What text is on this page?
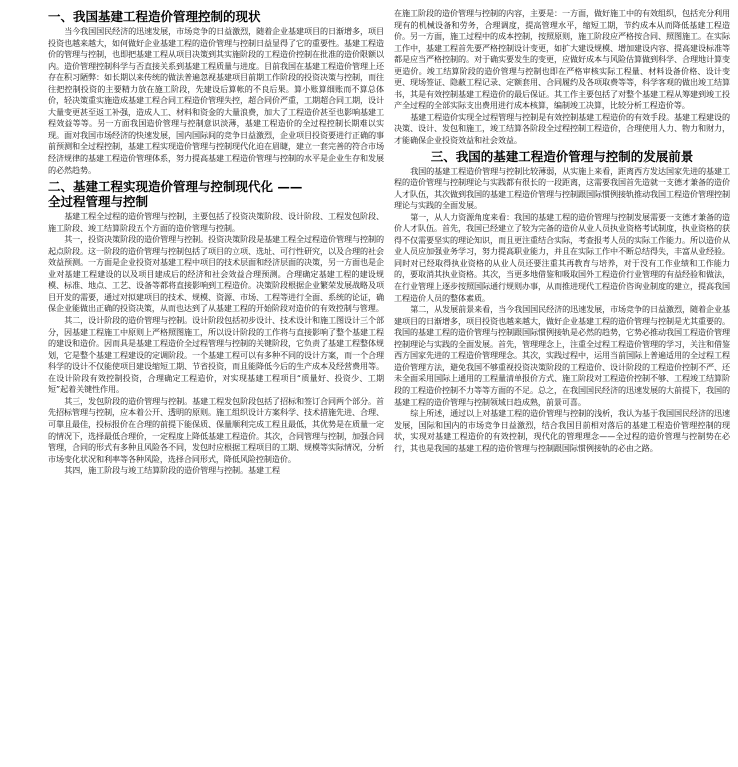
一、我国基建工程造价管理控制的现状

当今我国国民经济的迅速发展，市场竞争的日益激烈，随着企业基建项目的日渐增多，项目投资也越来越大，如何做好企业基建工程的造价管理与控制日益显得了它的重要性。基建工程造价的管理与控制，也即把基建工程从项目决策到其实施阶段的工程造价控制在批准的造价限额以内。造价管理控制科学与否直接关系到基建工程质量与进度。目前我国在基建工程造价管理上还存在积习陋弊：如长期以来传统的做法普遍忽视基建项目前期工作阶段的投资决策与控制，而往往把控制投资的主要精力放在施工阶段，先建设后算帐的不良后果。算小账算细账而不算总体价，轻决策重实施造成基建工程合同工程造价管理失控，超合同价严重，工期超合同工期，设计大量变更甚至返工补强，造成人工、材料和资金的大量浪费，加大了工程造价甚至也影响基建工程效益等等。另一方面我国造价管理与控制意识淡薄，基建工程造价的全过程控制长期难以实现。面对我国市场经济的快速发展，国内国际间的竞争日益激烈，企业项目投资要进行正确的事前预测和全过程控制，基建工程实现造价管理与控制现代化迫在眉睫，建立一套完善的符合市场经济规律的基建工程造价管理体系，努力提高基建工程造价管理与控制的水平是企业生存和发展的必然趋势。

二、基建工程实现造价管理与控制现代化 ——
全过程管理与控制

基建工程全过程的造价管理与控制，主要包括了投资决策阶段、设计阶段、工程发包阶段、施工阶段、竣工结算阶段五个方面的造价管理与控制。

其一，投资决策阶段的造价管理与控制。投资决策阶段是基建工程全过程造价管理与控制的起点阶段。这一阶段的造价管理与控制包括了项目的立项、选址、可行性研究，以及合理的社会效益预测。一方面是企业投资对基建工程中项目的技术层面和经济层面的决策，另一方面也是企业对基建工程建设的以及项目建成后的经济和社会效益合理预测。合理确定基建工程的建设规模、标准、地点、工艺、设备等都将直接影响到工程造价。决策阶段根据企业繁荣发展战略及项目开发的需要，通过对拟建项目的技术、规模、资源、市场、工程等进行全面、系统的论证，确保企业能做出正确的投资决策，从而也达到了从基建工程的开始阶段对造价的有效控制与管理。

其二，设计阶段的造价管理与控制。设计阶段包括初步设计、技术设计和施工图设计三个部分，因基建工程施工中原则上严格照图施工，所以设计阶段的工作将与直接影响了整个基建工程的建设和造价。因而具是基建工程造价全过程管理与控制的关键阶段，它负责了基建工程整体规划，它是整个基建工程建设的定调阶段。一个基建工程可以有多种不同的设计方案，而一个合理科学的设计不仅能使项目建设缩短工期、节省投资，而且能降低今后的生产成本及经营费用等。在设计阶段有效控制投资，合理确定工程造价，对实现基建工程项目“质量好、投资少、工期短”起着关键性作用。

其三，发包阶段的造价管理与控制。基建工程发包阶段包括了招标和签订合同两个部分。首先招标管理与控制，应本着公开、透明的原则。施工组织设计方案科学、技术措施先进、合理、可靠且最佳，投标报价在合理的前提下能保质、保量顺利完成工程且最低，其优势是在质量一定的情况下，选择最低合理价，一定程度上降低基建工程造价。其次，合同管理与控制，加强合同管理，合同的形式有多种且风险各不同，发包时应根据工程项目的工期、规模等实际情况，分析市场变化状况和利率等各种风险，选择合同形式，降低风险控制造价。

其四，施工阶段与竣工结算阶段的造价管理与控制。基建工程

在施工阶段的造价管理与控制的内容，主要是：一方面，做好施工中的有效组织，包括充分利用现有的机械设备和劳务，合理调度，提高管理水平，缩短工期，节约成本从而降低基建工程造价。另一方面，施工过程中的成本控制，按照原则，施工阶段应严格按合同、照图施工。在实际工作中，基建工程首先要严格控制设计变更，如扩大建设规模、增加建设内容、提高建设标准等都是应当严格控制的。对于确实要发生的变更，应做好成本与风险估算做到科学、合理地计算变更造价。竣工结算阶段的造价管理与控制也即在严格审核实际工程量、材料设备价格、设计变更、现场签证、隐蔽工程记录、定额套用、合同履约及各项取费等等，科学客观的做出竣工结算书，其是有效控制基建工程造价的最后保证。其工作主要包括了对整个基建工程从筹建到竣工投产全过程的全部实际支出费用进行成本核算，编制竣工决算，比较分析工程造价等。

基建工程造价实现全过程管理与控制是有效控制基建工程造价的有效手段。基建工程建设的决策、设计、发包和施工，竣工结算各阶段全过程控制工程造价，合理使用人力、物力和财力，才能确保企业投资效益和社会效益。

三、我国的基建工程造价管理与控制的发展前景

我国的基建工程造价管理与控制比较薄弱，从实施上来看，距离西方发达国家先进的基建工程的造价管理与控制理论与实践都有很长的一段距离，这需要我国首先造就一支德才兼备的造价人才队伍，其次做到我国的基建工程造价管理与控制跟国际惯例接轨推动我国工程造价管理控制理论与实践的全面发展。

第一，从人力资源角度来看：我国的基建工程的造价管理与控制发展需要一支德才兼备的造价人才队伍。首先，我国已经建立了较为完备的造价从业人员执业资格考试制度，执业资格的获得不仅需要坚实的理论知识，而且更注重结合实际，考查报考人员的实际工作能力。所以造价从业人员应加强业务学习，努力提高职业能力，并且在实际工作中不断总结得失，丰富从业经验。同时对已经取得执业资格的从业人员还要注重其再教育与培养，对于没有工作业绩和工作能力的，要取消其执业资格。其次，当更多地借鉴和吸取国外工程造价行业管理的有益经验和做法，在行业管理上逐步按照国际通行规则办事，从而推进现代工程造价咨询业制度的建立，提高我国工程造价人员的整体素质。

第二，从发展前景来看，当今我国国民经济的迅速发展，市场竞争的日益激烈，随着企业基建项目的日渐增多，项目投资也越来越大，做好企业基建工程的造价管理与控制是尤其重要的。我国的基建工程的造价管理与控制跟国际惯例接轨是必然的趋势，它势必推动我国工程造价管理控制理论与实践的全面发展。首先，管理理念上，注重全过程工程造价管理的学习，关注和借鉴西方国家先进的工程造价管理理念。其次，实践过程中，运用当前国际上普遍适用的全过程工程造价管理方法，避免我国不够重视投资决策阶段的工程造价、设计阶段的工程造价控制不严、还未全面采用国际上通用的工程量清单报价方式、施工阶段对工程造价控制不够、工程竣工结算阶段的工程造价控制不力等等方面的不足。总之，在我国国民经济的迅速发展的大前提下，我国的基建工程的造价管理与控制领域日趋成熟，前景可喜。

综上所述，通过以上对基建工程的造价管理与控制的浅析，我认为基于我国国民经济的迅速发展，国际和国内的市场竞争日益激烈，结合我国目前相对落后的基建工程造价管理控制的现状，实现对基建工程造价的有效控制，现代化的管理理念——全过程的造价管理与控制势在必行，其也是我国的基建工程的造价管理与控制跟国际惯例接轨的必由之路。
